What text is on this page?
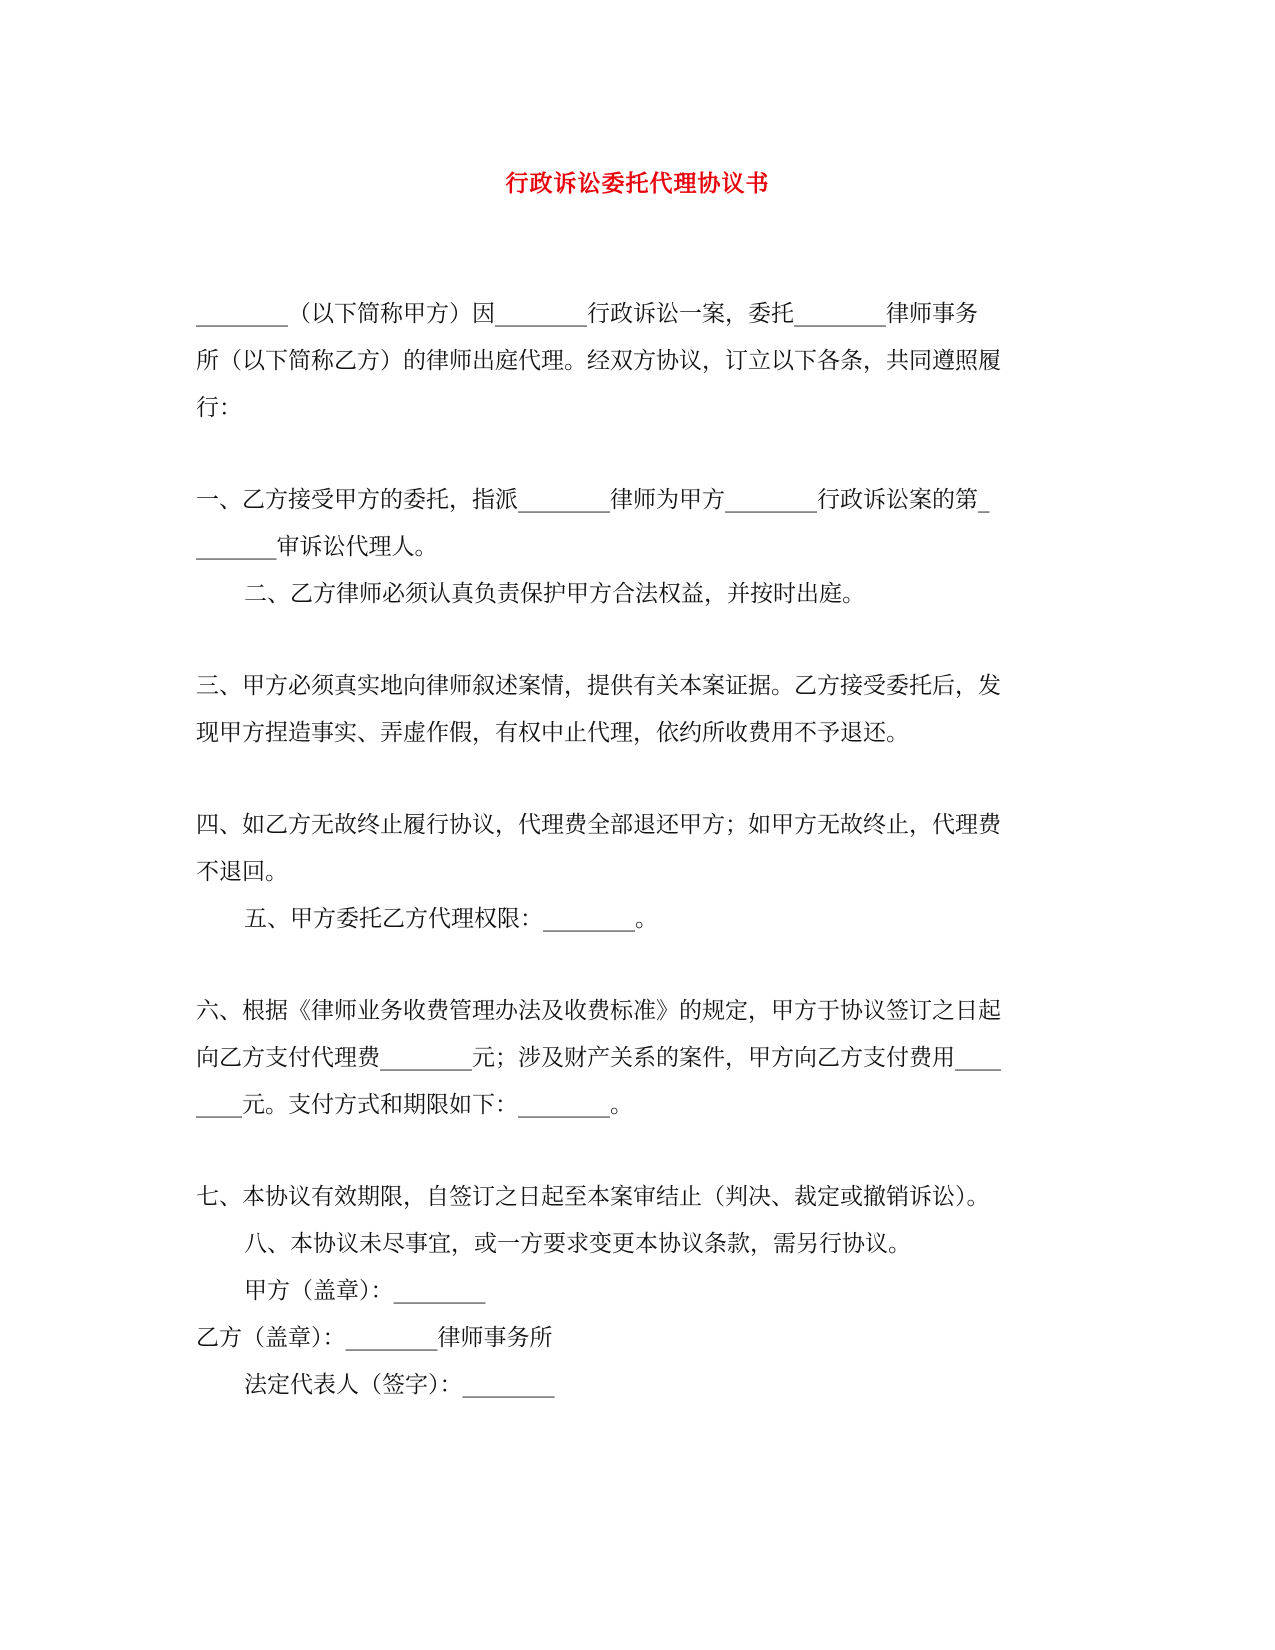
行政诉讼委托代理协议书
________（以下简称甲方）因________行政诉讼一案，委托________律师事务
所（以下简称乙方）的律师出庭代理。经双方协议，订立以下各条，共同遵照履
行：
一、乙方接受甲方的委托，指派________律师为甲方________行政诉讼案的第_
_______审诉讼代理人。
二、乙方律师必须认真负责保护甲方合法权益，并按时出庭。
三、甲方必须真实地向律师叙述案情，提供有关本案证据。乙方接受委托后，发
现甲方捏造事实、弄虚作假，有权中止代理，依约所收费用不予退还。
四、如乙方无故终止履行协议，代理费全部退还甲方；如甲方无故终止，代理费
不退回。
五、甲方委托乙方代理权限：________。
六、根据《律师业务收费管理办法及收费标准》的规定，甲方于协议签订之日起
向乙方支付代理费________元；涉及财产关系的案件，甲方向乙方支付费用____
____元。支付方式和期限如下：________。
七、本协议有效期限，自签订之日起至本案审结止（判决、裁定或撤销诉讼）。
八、本协议未尽事宜，或一方要求变更本协议条款，需另行协议。
甲方（盖章）：________
乙方（盖章）：________律师事务所
法定代表人（签字）：________
